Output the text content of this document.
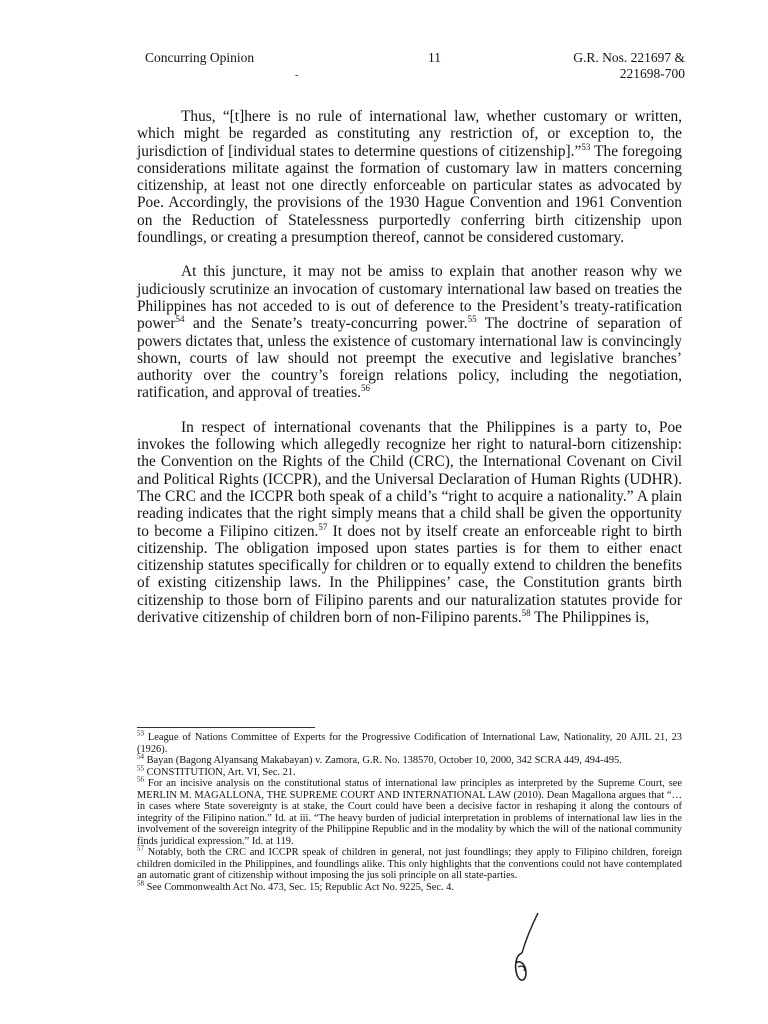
Concurring Opinion	11	G.R. Nos. 221697 &
221698-700
-

Thus, “[t]here is no rule of international law, whether customary or written, which might be regarded as constituting any restriction of, or exception to, the jurisdiction of [individual states to determine questions of citizenship].”$^{53}$ The foregoing considerations militate against the formation of customary law in matters concerning citizenship, at least not one directly enforceable on particular states as advocated by Poe. Accordingly, the provisions of the 1930 Hague Convention and 1961 Convention on the Reduction of Statelessness purportedly conferring birth citizenship upon foundlings, or creating a presumption thereof, cannot be considered customary.

At this juncture, it may not be amiss to explain that another reason why we judiciously scrutinize an invocation of customary international law based on treaties the Philippines has not acceded to is out of deference to the President’s treaty-ratification power$^{54}$ and the Senate’s treaty-concurring power.$^{55}$ The doctrine of separation of powers dictates that, unless the existence of customary international law is convincingly shown, courts of law should not preempt the executive and legislative branches’ authority over the country’s foreign relations policy, including the negotiation, ratification, and approval of treaties.$^{56}$

In respect of international covenants that the Philippines is a party to, Poe invokes the following which allegedly recognize her right to natural-born citizenship: the Convention on the Rights of the Child (CRC), the International Covenant on Civil and Political Rights (ICCPR), and the Universal Declaration of Human Rights (UDHR). The CRC and the ICCPR both speak of a child’s “right to acquire a nationality.” A plain reading indicates that the right simply means that a child shall be given the opportunity to become a Filipino citizen.$^{57}$ It does not by itself create an enforceable right to birth citizenship. The obligation imposed upon states parties is for them to either enact citizenship statutes specifically for children or to equally extend to children the benefits of existing citizenship laws. In the Philippines’ case, the Constitution grants birth citizenship to those born of Filipino parents and our naturalization statutes provide for derivative citizenship of children born of non-Filipino parents.$^{58}$ The Philippines is,

$^{53}$ League of Nations Committee of Experts for the Progressive Codification of International Law, Nationality, 20 AJIL 21, 23 (1926).

$^{54}$ Bayan (Bagong Alyansang Makabayan) v. Zamora, G.R. No. 138570, October 10, 2000, 342 SCRA 449, 494-495.

$^{55}$ CONSTITUTION, Art. VI, Sec. 21.

$^{56}$ For an incisive analysis on the constitutional status of international law principles as interpreted by the Supreme Court, see MERLIN M. MAGALLONA, THE SUPREME COURT AND INTERNATIONAL LAW (2010). Dean Magallona argues that “… in cases where State sovereignty is at stake, the Court could have been a decisive factor in reshaping it along the contours of integrity of the Filipino nation.” Id. at iii. “The heavy burden of judicial interpretation in problems of international law lies in the involvement of the sovereign integrity of the Philippine Republic and in the modality by which the will of the national community finds juridical expression.” Id. at 119.

$^{57}$ Notably, both the CRC and ICCPR speak of children in general, not just foundlings; they apply to Filipino children, foreign children domiciled in the Philippines, and foundlings alike. This only highlights that the conventions could not have contemplated an automatic grant of citizenship without imposing the jus soli principle on all state-parties.

$^{58}$ See Commonwealth Act No. 473, Sec. 15; Republic Act No. 9225, Sec. 4.
